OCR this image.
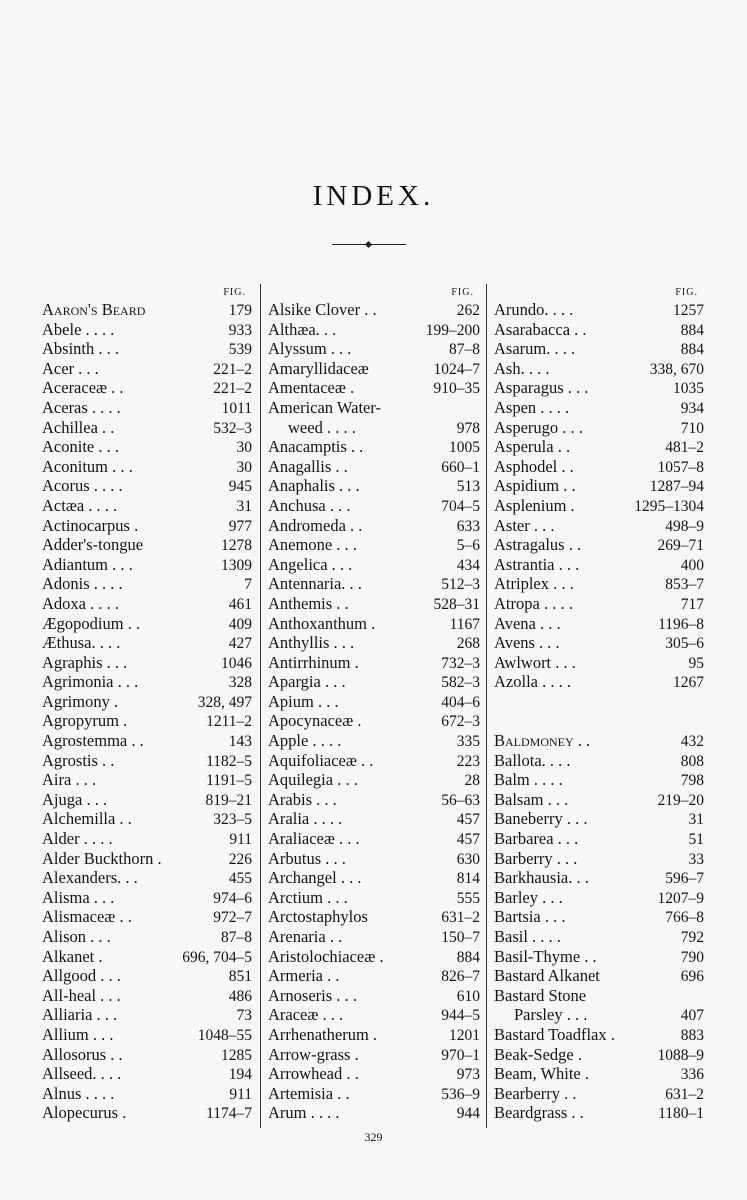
INDEX.
FIG.
Aaron's Beard	179
Abele . . . .	933
Absinth . . .	539
Acer . . .	221–2
Aceraceæ . .	221–2
Aceras . . . .	1011
Achillea . .	532–3
Aconite . . .	30
Aconitum . . .	30
Acorus . . . .	945
Actæa . . . .	31
Actinocarpus .	977
Adder's-tongue	1278
Adiantum . . .	1309
Adonis . . . .	7
Adoxa . . . .	461
Ægopodium . .	409
Æthusa. . . .	427
Agraphis . . .	1046
Agrimonia . . .	328
Agrimony .	328, 497
Agropyrum .	1211–2
Agrostemma . .	143
Agrostis . .	1182–5
Aira . . .	1191–5
Ajuga . . .	819–21
Alchemilla . .	323–5
Alder . . . .	911
Alder Buckthorn .	226
Alexanders. . .	455
Alisma . . .	974–6
Alismaceæ . .	972–7
Alison . . .	87–8
Alkanet .	696, 704–5
Allgood . . .	851
All-heal . . .	486
Alliaria . . .	73
Allium . . .	1048–55
Allosorus . .	1285
Allseed. . . .	194
Alnus . . . .	911
Alopecurus .	1174–7
FIG.
Alsike Clover . .	262
Althæa. . .	199–200
Alyssum . . .	87–8
Amaryllidaceæ	1024–7
Amentaceæ .	910–35
American Water-
weed . . . .	978
Anacamptis . .	1005
Anagallis . .	660–1
Anaphalis . . .	513
Anchusa . . .	704–5
Andromeda . .	633
Anemone . . .	5–6
Angelica . . .	434
Antennaria. . .	512–3
Anthemis . .	528–31
Anthoxanthum .	1167
Anthyllis . . .	268
Antirrhinum .	732–3
Apargia . . .	582–3
Apium . . .	404–6
Apocynaceæ .	672–3
Apple . . . .	335
Aquifoliaceæ . .	223
Aquilegia . . .	28
Arabis . . .	56–63
Aralia . . . .	457
Araliaceæ . . .	457
Arbutus . . .	630
Archangel . . .	814
Arctium . . .	555
Arctostaphylos	631–2
Arenaria . .	150–7
Aristolochiaceæ .	884
Armeria . .	826–7
Arnoseris . . .	610
Araceæ . . .	944–5
Arrhenatherum .	1201
Arrow-grass .	970–1
Arrowhead . .	973
Artemisia . .	536–9
Arum . . . .	944
FIG.
Arundo. . . .	1257
Asarabacca . .	884
Asarum. . . .	884
Ash. . . .	338, 670
Asparagus . . .	1035
Aspen . . . .	934
Asperugo . . .	710
Asperula . .	481–2
Asphodel . .	1057–8
Aspidium . .	1287–94
Asplenium .	1295–1304
Aster . . .	498–9
Astragalus . .	269–71
Astrantia . . .	400
Atriplex . . .	853–7
Atropa . . . .	717
Avena . . .	1196–8
Avens . . .	305–6
Awlwort . . .	95
Azolla . . . .	1267
Baldmoney . .	432
Ballota. . . .	808
Balm . . . .	798
Balsam . . .	219–20
Baneberry . . .	31
Barbarea . . .	51
Barberry . . .	33
Barkhausia. . .	596–7
Barley . . .	1207–9
Bartsia . . .	766–8
Basil . . . .	792
Basil-Thyme . .	790
Bastard Alkanet	696
Bastard Stone
Parsley . . .	407
Bastard Toadflax .	883
Beak-Sedge .	1088–9
Beam, White .	336
Bearberry . .	631–2
Beardgrass . .	1180–1
329
